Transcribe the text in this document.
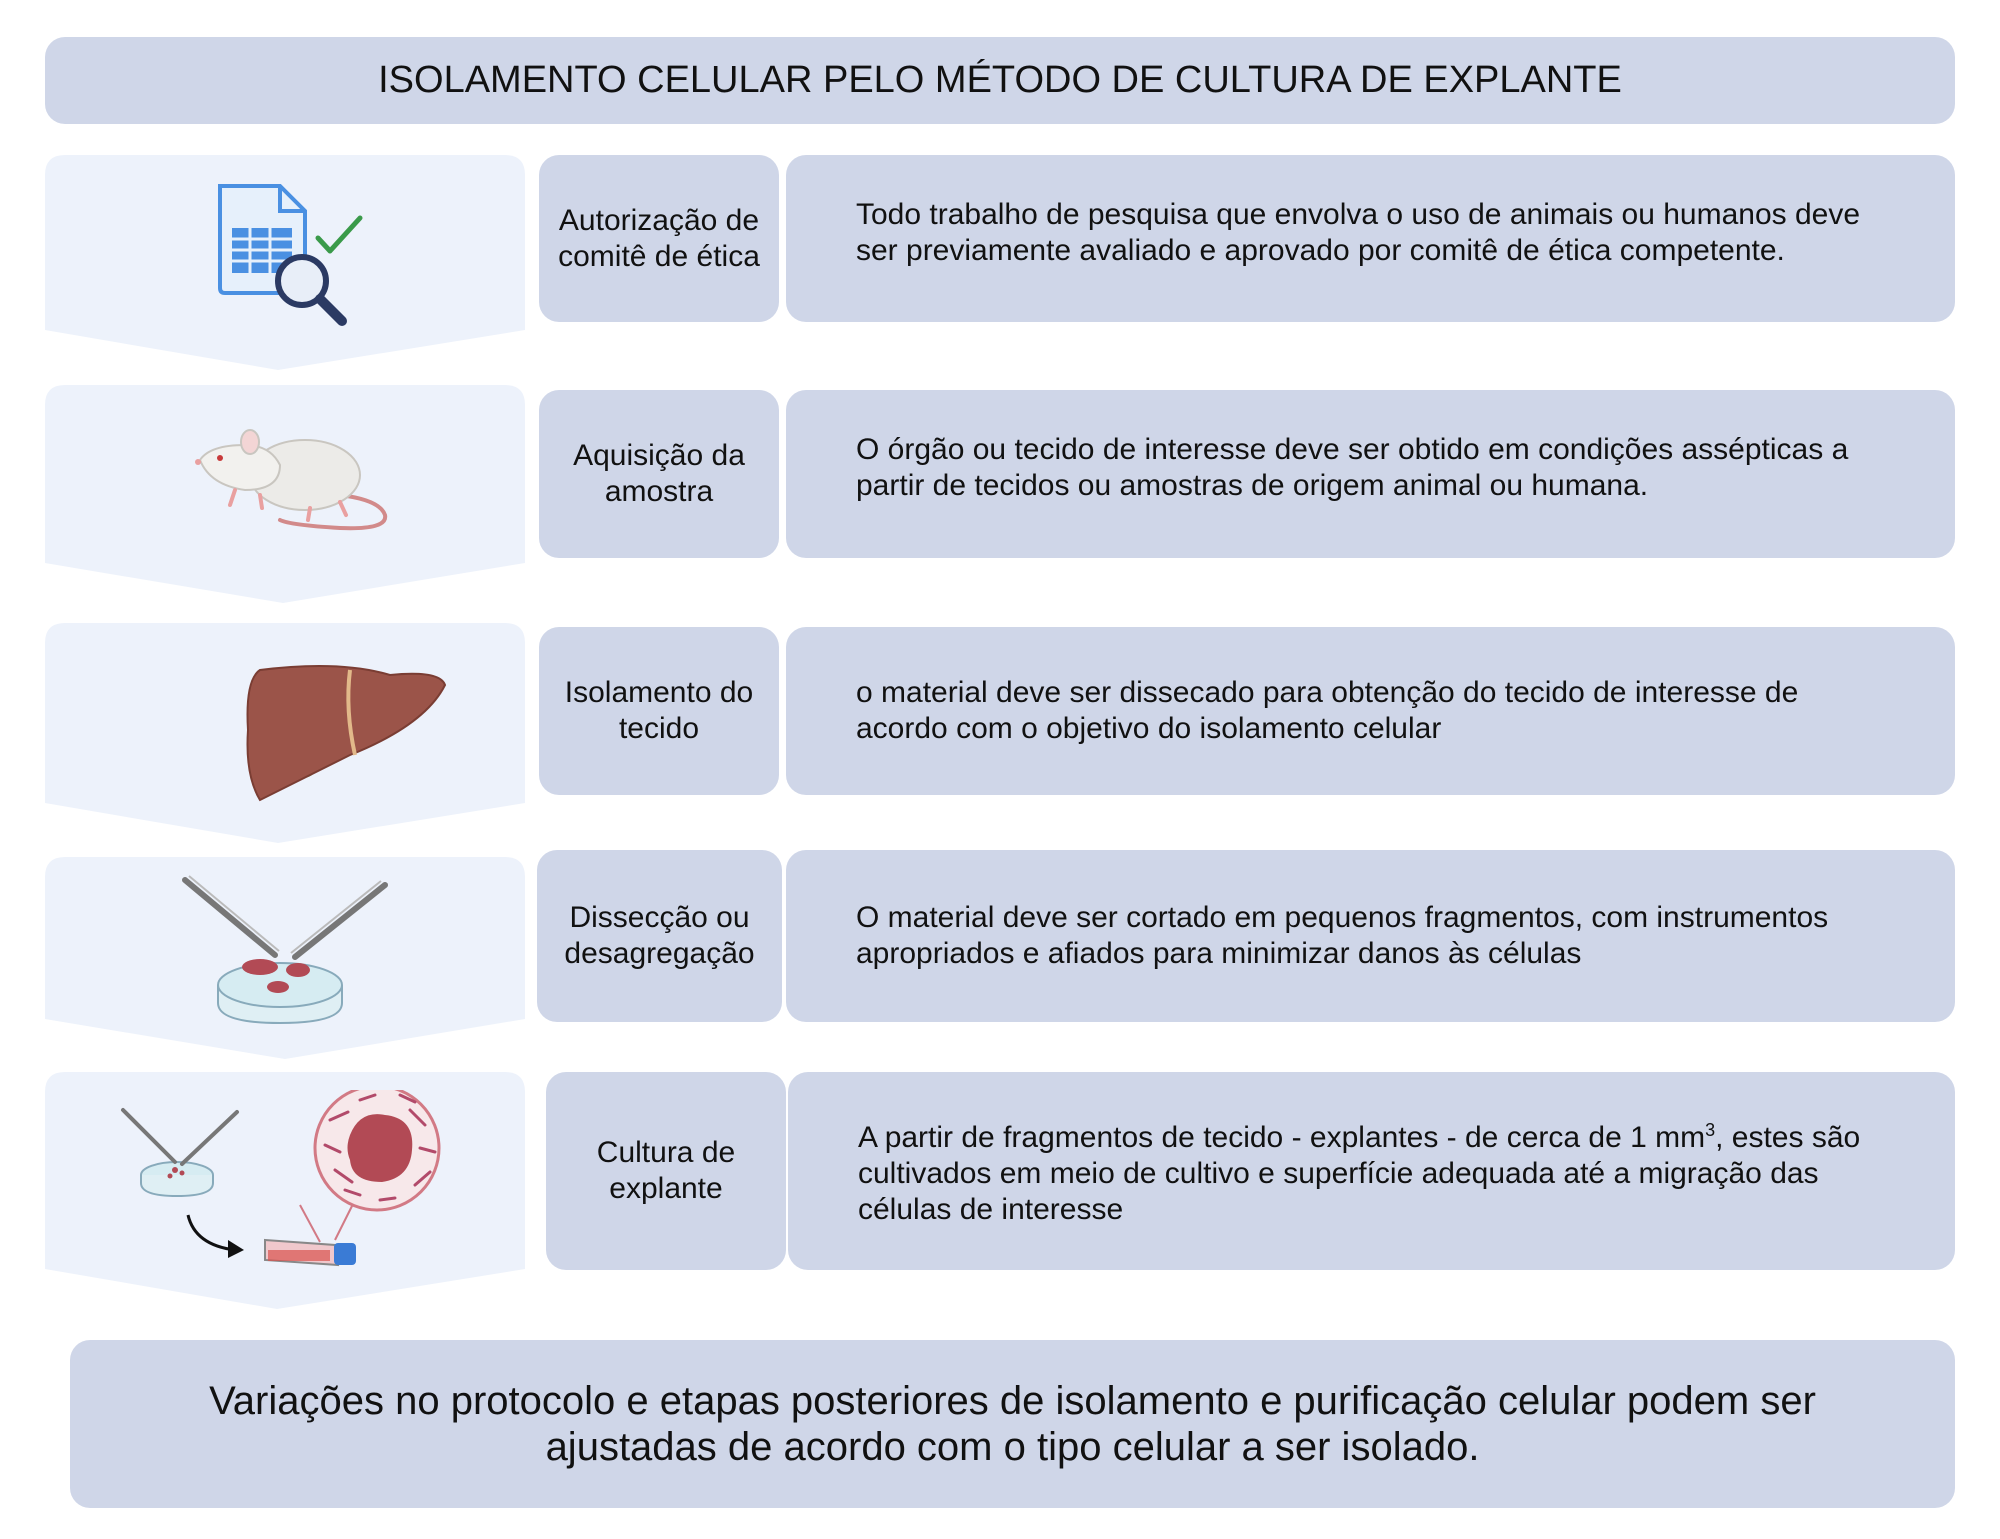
ISOLAMENTO CELULAR PELO MÉTODO DE CULTURA DE EXPLANTE
Autorização de comitê de ética
Aquisição da amostra
Isolamento do tecido
Dissecção ou desagregação
Cultura de explante
Todo trabalho de pesquisa que envolva o uso de animais ou humanos deve ser previamente avaliado e aprovado por comitê de ética competente.
O órgão ou tecido de interesse deve ser obtido em condições assépticas a partir de tecidos ou amostras de origem animal ou humana.
o material deve ser dissecado para obtenção do tecido de interesse de acordo com o objetivo do isolamento celular
O material deve ser cortado em pequenos fragmentos, com instrumentos apropriados e afiados para minimizar danos às células
A partir de fragmentos de tecido - explantes - de cerca de 1 $mm^3$, estes são cultivados em meio de cultivo e superfície adequada até a migração das células de interesse
Variações no protocolo e etapas posteriores de isolamento e purificação celular podem ser ajustadas de acordo com o tipo celular a ser isolado.
